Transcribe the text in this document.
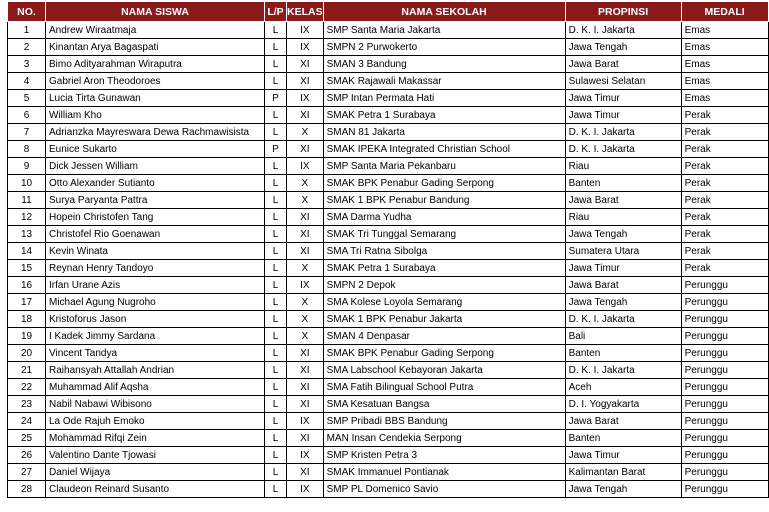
NO.	NAMA SISWA	L/P	KELAS	NAMA SEKOLAH	PROPINSI	MEDALI
1	Andrew Wiraatmaja	L	IX	SMP Santa Maria Jakarta	D. K. I. Jakarta	Emas
2	Kinantan Arya Bagaspati	L	IX	SMPN 2 Purwokerto	Jawa Tengah	Emas
3	Bimo Adityarahman Wiraputra	L	XI	SMAN 3 Bandung	Jawa Barat	Emas
4	Gabriel Aron Theodoroes	L	XI	SMAK Rajawali Makassar	Sulawesi Selatan	Emas
5	Lucia Tirta Gunawan	P	IX	SMP Intan Permata Hati	Jawa Timur	Emas
6	William Kho	L	XI	SMAK Petra 1 Surabaya	Jawa Timur	Perak
7	Adrianzka Mayreswara Dewa Rachmawisista	L	X	SMAN 81 Jakarta	D. K. I. Jakarta	Perak
8	Eunice Sukarto	P	XI	SMAK IPEKA Integrated Christian School	D. K. I. Jakarta	Perak
9	Dick Jessen William	L	IX	SMP Santa Maria Pekanbaru	Riau	Perak
10	Otto Alexander Sutianto	L	X	SMAK BPK Penabur Gading Serpong	Banten	Perak
11	Surya Paryanta Pattra	L	X	SMAK 1 BPK Penabur Bandung	Jawa Barat	Perak
12	Hopein Christofen Tang	L	XI	SMA Darma Yudha	Riau	Perak
13	Christofel Rio Goenawan	L	XI	SMAK Tri Tunggal Semarang	Jawa Tengah	Perak
14	Kevin Winata	L	XI	SMA Tri Ratna Sibolga	Sumatera Utara	Perak
15	Reynan Henry Tandoyo	L	X	SMAK Petra 1 Surabaya	Jawa Timur	Perak
16	Irfan Urane Azis	L	IX	SMPN 2 Depok	Jawa Barat	Perunggu
17	Michael Agung Nugroho	L	X	SMA Kolese Loyola Semarang	Jawa Tengah	Perunggu
18	Kristoforus Jason	L	X	SMAK 1 BPK Penabur Jakarta	D. K. I. Jakarta	Perunggu
19	I Kadek Jimmy Sardana	L	X	SMAN 4 Denpasar	Bali	Perunggu
20	Vincent Tandya	L	XI	SMAK BPK Penabur Gading Serpong	Banten	Perunggu
21	Raihansyah Attallah Andrian	L	XI	SMA Labschool Kebayoran Jakarta	D. K. I. Jakarta	Perunggu
22	Muhammad Alif Aqsha	L	XI	SMA Fatih Bilingual School Putra	Aceh	Perunggu
23	Nabil Nabawi Wibisono	L	XI	SMA Kesatuan Bangsa	D. I. Yogyakarta	Perunggu
24	La Ode Rajuh Emoko	L	IX	SMP Pribadi BBS Bandung	Jawa Barat	Perunggu
25	Mohammad Rifqi Zein	L	XI	MAN Insan Cendekia Serpong	Banten	Perunggu
26	Valentino Dante Tjowasi	L	IX	SMP Kristen Petra 3	Jawa Timur	Perunggu
27	Daniel Wijaya	L	XI	SMAK Immanuel Pontianak	Kalimantan Barat	Perunggu
28	Claudeon Reinard Susanto	L	IX	SMP PL Domenico Savio	Jawa Tengah	Perunggu
